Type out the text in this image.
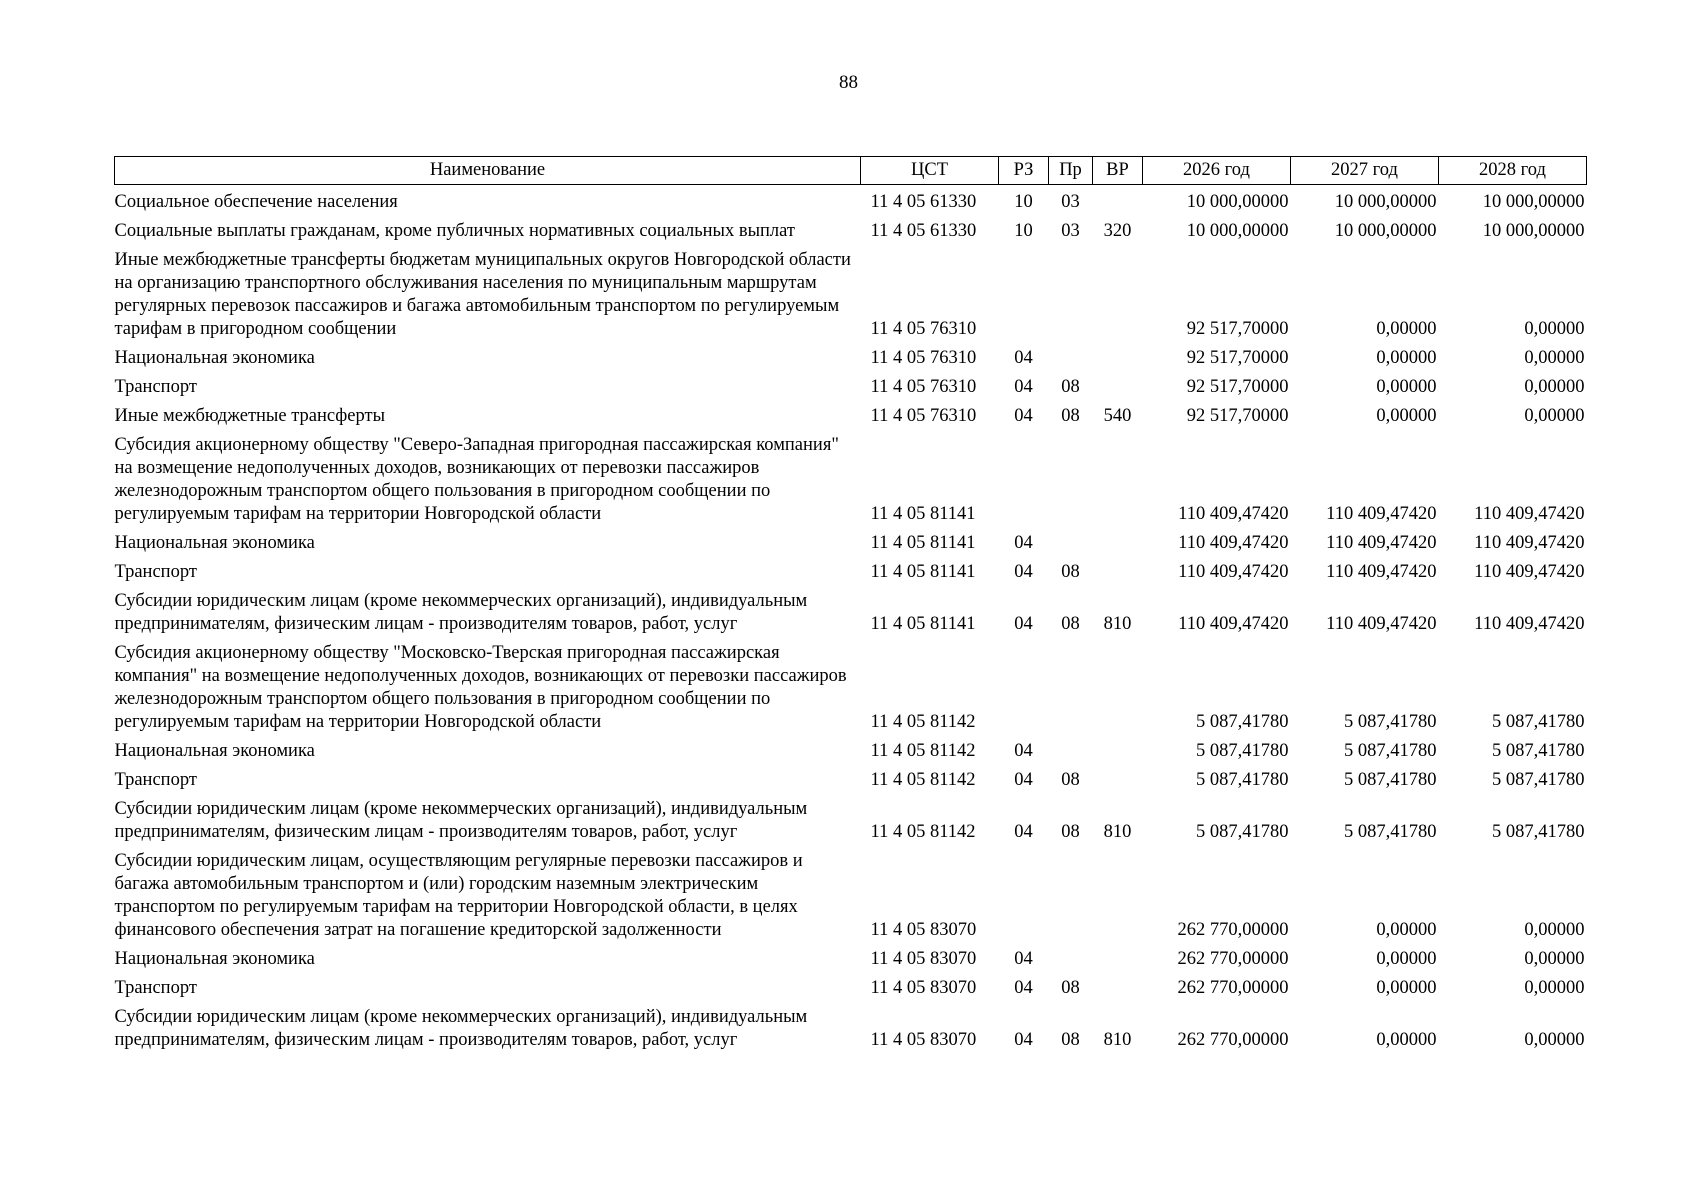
88
Наименование	ЦСТ	РЗ	Пр	ВР	2026 год	2027 год	2028 год
Социальное обеспечение населения	11 4 05 61330	10	03		10 000,00000	10 000,00000	10 000,00000
Социальные выплаты гражданам, кроме публичных нормативных социальных выплат	11 4 05 61330	10	03	320	10 000,00000	10 000,00000	10 000,00000
Иные межбюджетные трансферты бюджетам муниципальных округов Новгородской области на организацию транспортного обслуживания населения по муниципальным маршрутам регулярных перевозок пассажиров и багажа автомобильным транспортом по регулируемым тарифам в пригородном сообщении	11 4 05 76310				92 517,70000	0,00000	0,00000
Национальная экономика	11 4 05 76310	04			92 517,70000	0,00000	0,00000
Транспорт	11 4 05 76310	04	08		92 517,70000	0,00000	0,00000
Иные межбюджетные трансферты	11 4 05 76310	04	08	540	92 517,70000	0,00000	0,00000
Субсидия акционерному обществу "Северо-Западная пригородная пассажирская компания" на возмещение недополученных доходов, возникающих от перевозки пассажиров железнодорожным транспортом общего пользования в пригородном сообщении по регулируемым тарифам на территории Новгородской области	11 4 05 81141				110 409,47420	110 409,47420	110 409,47420
Национальная экономика	11 4 05 81141	04			110 409,47420	110 409,47420	110 409,47420
Транспорт	11 4 05 81141	04	08		110 409,47420	110 409,47420	110 409,47420
Субсидии юридическим лицам (кроме некоммерческих организаций), индивидуальным предпринимателям, физическим лицам - производителям товаров, работ, услуг	11 4 05 81141	04	08	810	110 409,47420	110 409,47420	110 409,47420
Субсидия акционерному обществу "Московско-Тверская пригородная пассажирская компания" на возмещение недополученных доходов, возникающих от перевозки пассажиров железнодорожным транспортом общего пользования в пригородном сообщении по регулируемым тарифам на территории Новгородской области	11 4 05 81142				5 087,41780	5 087,41780	5 087,41780
Национальная экономика	11 4 05 81142	04			5 087,41780	5 087,41780	5 087,41780
Транспорт	11 4 05 81142	04	08		5 087,41780	5 087,41780	5 087,41780
Субсидии юридическим лицам (кроме некоммерческих организаций), индивидуальным предпринимателям, физическим лицам - производителям товаров, работ, услуг	11 4 05 81142	04	08	810	5 087,41780	5 087,41780	5 087,41780
Субсидии юридическим лицам, осуществляющим регулярные перевозки пассажиров и багажа автомобильным транспортом и (или) городским наземным электрическим транспортом по регулируемым тарифам на территории Новгородской области, в целях финансового обеспечения затрат на погашение кредиторской задолженности	11 4 05 83070				262 770,00000	0,00000	0,00000
Национальная экономика	11 4 05 83070	04			262 770,00000	0,00000	0,00000
Транспорт	11 4 05 83070	04	08		262 770,00000	0,00000	0,00000
Субсидии юридическим лицам (кроме некоммерческих организаций), индивидуальным предпринимателям, физическим лицам - производителям товаров, работ, услуг	11 4 05 83070	04	08	810	262 770,00000	0,00000	0,00000
